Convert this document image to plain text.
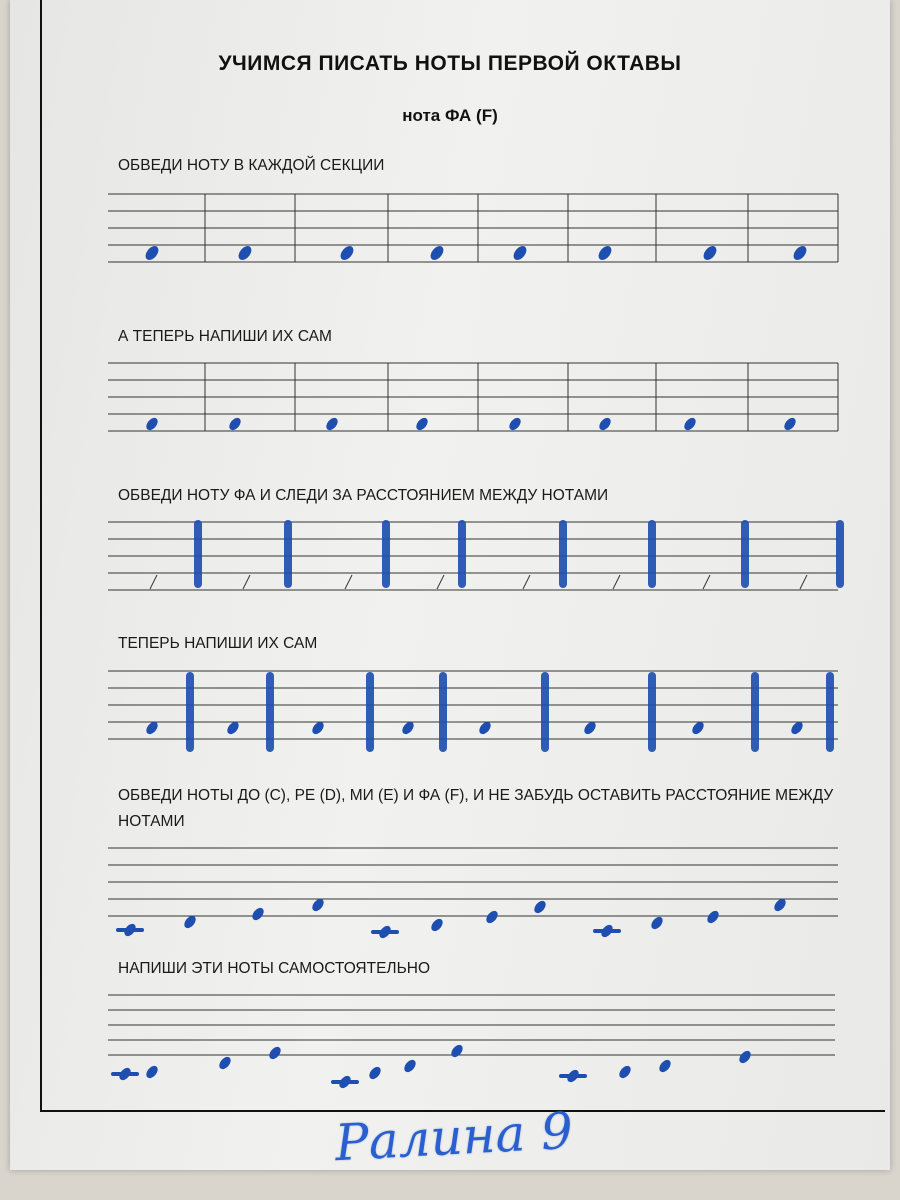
УЧИМСЯ ПИСАТЬ НОТЫ ПЕРВОЙ ОКТАВЫ
нота ФА (F)
ОБВЕДИ НОТУ В КАЖДОЙ СЕКЦИИ
А ТЕПЕРЬ НАПИШИ ИХ САМ
ОБВЕДИ НОТУ ФА И СЛЕДИ ЗА РАССТОЯНИЕМ МЕЖДУ НОТАМИ
ТЕПЕРЬ НАПИШИ ИХ САМ
ОБВЕДИ НОТЫ ДО (C), РЕ (D), МИ (E) И ФА (F), И НЕ ЗАБУДЬ ОСТАВИТЬ РАССТОЯНИЕ МЕЖДУ НОТАМИ
НАПИШИ ЭТИ НОТЫ САМОСТОЯТЕЛЬНО
Ралина 9
